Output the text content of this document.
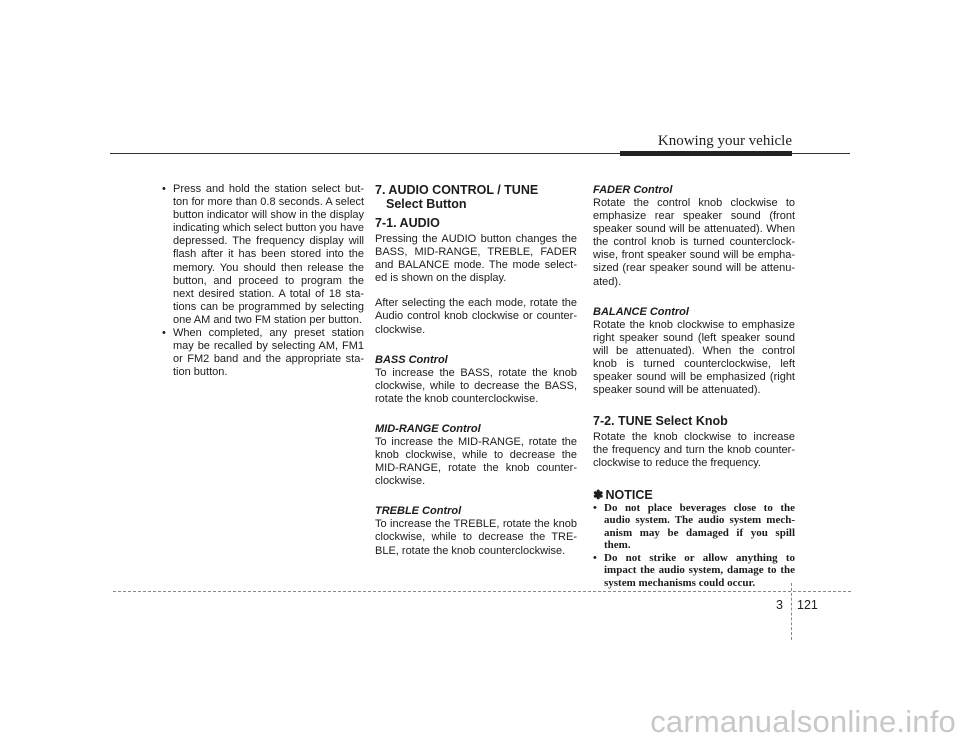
Knowing your vehicle
• Press and hold the station select but-ton for more than 0.8 seconds. A select button indicator will show in the display indicating which select button you have depressed. The frequency display will flash after it has been stored into the memory. You should then release the button, and proceed to program the next desired station. A total of 18 sta-tions can be programmed by selecting one AM and two FM station per button.
• When completed, any preset station may be recalled by selecting AM, FM1 or FM2 band and the appropriate sta-tion button.
7. AUDIO CONTROL / TUNE Select Button
7-1. AUDIO

Pressing the AUDIO button changes the BASS, MID-RANGE, TREBLE, FADER and BALANCE mode. The mode select-ed is shown on the display.

After selecting the each mode, rotate the Audio control knob clockwise or counter-clockwise.

BASS Control

To increase the BASS, rotate the knob clockwise, while to decrease the BASS, rotate the knob counterclockwise.

MID-RANGE Control

To increase the MID-RANGE, rotate the knob clockwise, while to decrease the MID-RANGE, rotate the knob counter-clockwise.

TREBLE Control

To increase the TREBLE, rotate the knob clockwise, while to decrease the TRE-BLE, rotate the knob counterclockwise.

FADER Control

Rotate the control knob clockwise to emphasize rear speaker sound (front speaker sound will be attenuated). When the control knob is turned counterclock-wise, front speaker sound will be empha-sized (rear speaker sound will be attenu-ated).

BALANCE Control

Rotate the knob clockwise to emphasize right speaker sound (left speaker sound will be attenuated). When the control knob is turned counterclockwise, left speaker sound will be emphasized (right speaker sound will be attenuated).

7-2. TUNE Select Knob

Rotate the knob clockwise to increase the frequency and turn the knob counter-clockwise to reduce the frequency.

✽ NOTICE
• Do not place beverages close to the audio system. The audio system mech-anism may be damaged if you spill them.
• Do not strike or allow anything to impact the audio system, damage to the system mechanisms could occur.
3 121
carmanualsonline.info
